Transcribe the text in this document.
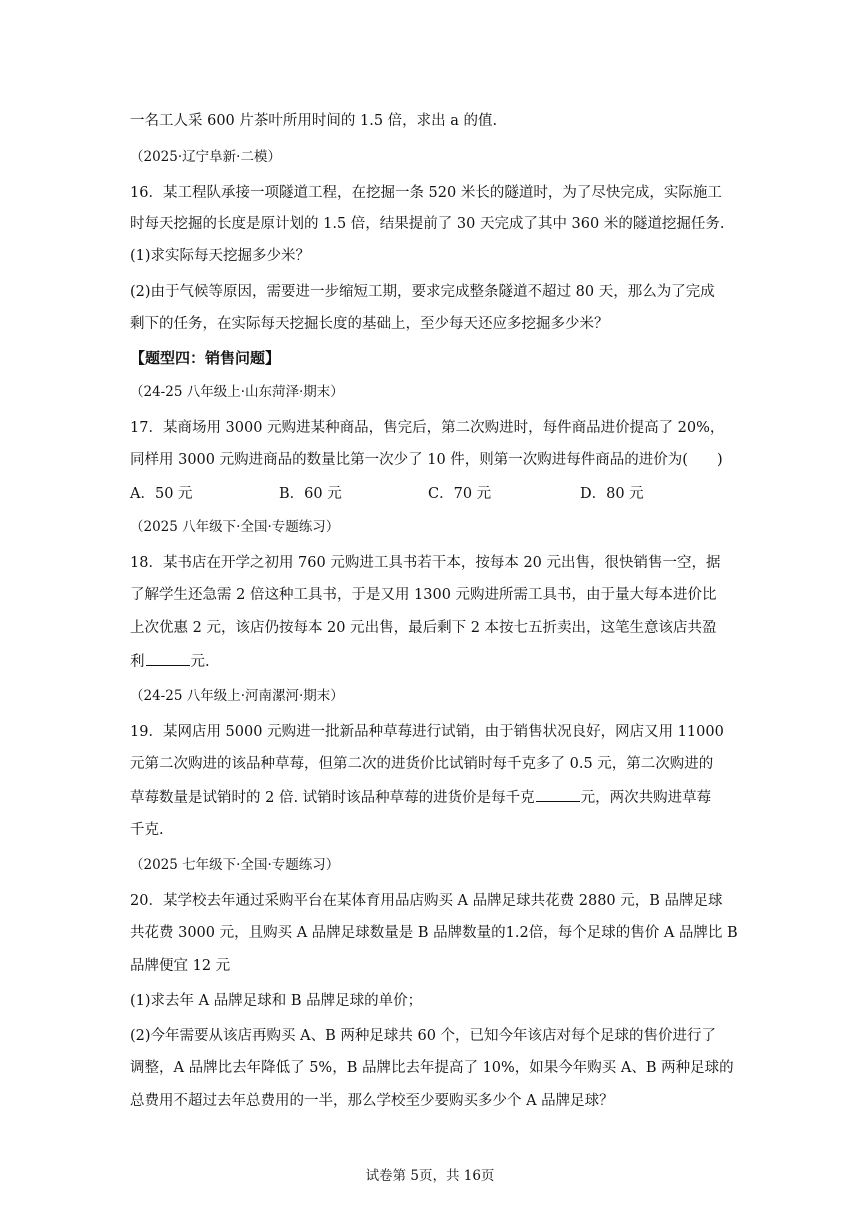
一名工人采 600 片茶叶所用时间的 1.5 倍，求出 a 的值.
（2025·辽宁阜新·二模）
16．某工程队承接一项隧道工程，在挖掘一条 520 米长的隧道时，为了尽快完成，实际施工
时每天挖掘的长度是原计划的 1.5 倍，结果提前了 30 天完成了其中 360 米的隧道挖掘任务.
(1)求实际每天挖掘多少米？
(2)由于气候等原因，需要进一步缩短工期，要求完成整条隧道不超过 80 天，那么为了完成
剩下的任务，在实际每天挖掘长度的基础上，至少每天还应多挖掘多少米？
【题型四：销售问题】
（24-25 八年级上·山东菏泽·期末）
17．某商场用 3000 元购进某种商品，售完后，第二次购进时，每件商品进价提高了 20%，
同样用 3000 元购进商品的数量比第一次少了 10 件，则第一次购进每件商品的进价为(　　)
A．50 元	B．60 元	C．70 元	D．80 元
（2025 八年级下·全国·专题练习）
18．某书店在开学之初用 760 元购进工具书若干本，按每本 20 元出售，很快销售一空，据
了解学生还急需 2 倍这种工具书，于是又用 1300 元购进所需工具书，由于量大每本进价比
上次优惠 2 元，该店仍按每本 20 元出售，最后剩下 2 本按七五折卖出，这笔生意该店共盈
利	元.
（24-25 八年级上·河南漯河·期末）
19．某网店用 5000 元购进一批新品种草莓进行试销，由于销售状况良好，网店又用 11000
元第二次购进的该品种草莓，但第二次的进货价比试销时每千克多了 0.5 元，第二次购进的
草莓数量是试销时的 2 倍. 试销时该品种草莓的进货价是每千克	元，两次共购进草莓
千克.
（2025 七年级下·全国·专题练习）
20．某学校去年通过采购平台在某体育用品店购买 A 品牌足球共花费 2880 元，B 品牌足球
共花费 3000 元，且购买 A 品牌足球数量是 B 品牌数量的1.2倍，每个足球的售价 A 品牌比 B
品牌便宜 12 元
(1)求去年 A 品牌足球和 B 品牌足球的单价；
(2)今年需要从该店再购买 A、B 两种足球共 60 个，已知今年该店对每个足球的售价进行了
调整，A 品牌比去年降低了 5%，B 品牌比去年提高了 10%，如果今年购买 A、B 两种足球的
总费用不超过去年总费用的一半，那么学校至少要购买多少个 A 品牌足球？
试卷第 5页，共 16页
